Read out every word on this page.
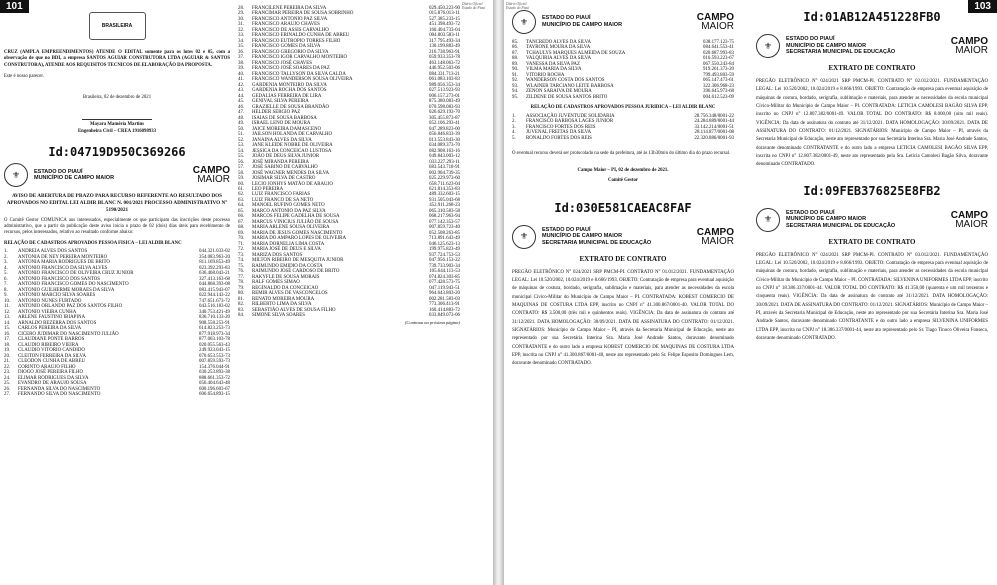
101	Diário Oficial
Estado do Piauí
BRASILEIRA
CRUZ (AMPLA EMPREENDIMENTOS) ATENDE O EDITAL somente para os lotes 02 e 05, com a observação de que no BDI, a empresa SANTOS AGUIAR CONSTRUTORA LTDA (AGUIAR & SANTOS CONSTRUTORA), ATENDE AOS REQUISITOS TECNICOS DE ELABORAÇÃO DA PROPOSTA.
Este é nosso parecer.
Brasileira, 02 de dezembro de 2021
Mayara Mamêria Martins
Engenheira Civil – CREA 1916098933
Id:04719D950C369266
⚜	ESTADO DO PIAUÍ
MUNICÍPIO DE CAMPO MAIOR
CAMPO
MAIOR
AVISO DE ABERTURA DE PRAZO PARA RECURSO REFERENTE AO RESULTADO DOS APROVADOS NO EDITAL LEI ALDIR BLANC N. 001/2021 PROCESSO ADMINISTRATIVO N° 5190/2021
O Comitê Gestor COMUNICA aos interessados, especialmente os que participam das inscrições deste processo administrativo, que a partir da publicação deste aviso inicia o prazo de 02 (dois) dias úteis para recebimento de recursos, pelos interessados, relativo ao resultado conforme abaixo:
RELAÇÃO DE CADASTROS APROVADOS PESSOA FISICA – LEI ALDIR BLANC
1.	ANDREIA ALVES DOS SANTOS	044.321.033-02
2.	ANTONIA DE NEY PEREIRA MONTEIRO	354.083.963-20
3.	ANTONIA MARIA RODRIGUES DE BRITO	811.169.853-49
4.	ANTONIO FRANCISCO DA SILVA ALVES	023.392.293-83
5.	ANTONIO FRANCISCO DE OLIVEIRA CRUZ JUNIOR	636.468.043-21
6.	ANTONIO FRANCISCO DOS SANTOS	327.413.163-68
7.	ANTONIO FRANCISCO GOMES DO NASCIMENTO	044.868.393-08
8.	ANTONIO GUILHERME MORAES DA SILVA	083.415.943-07
9.	ANTONIO MARCIO SILVA SOARES	022.944.143-22
10.	ANTONIO NUNES FURTADO	747.651.673-72
11.	ANTONIO ORLANDO PAZ DOS SANTOS FILHO	043.516.183-02
12.	ANTONIO VIEIRA CUNHA	340.753.421-49
13.	ARLENE FAUSTINO IBIAPINA	836.710.133-20
14.	ARNALDO BEZERRA DOS SANTOS	908.558.253-91
15.	CARLOS PEREIRA DA SILVA	614.823.253-73
16.	CICERO JUDIMAR DO NASCIMENTO JULIÃO	877.918.973-34
17.	CLAUDIANE PONTE BARROS	877.003.103-78
18.	CLAUDIO RIBEIRO VIEIRA	020.055.563-43
19.	CLAUDIO VITORIO CANDIDO	249.923.043-15
20.	CLEITON FERREIRA DA SILVA	070.653.553-73
21.	CLEODON CUNHA DE ABREU	007.859.593-73
22.	CORINTO ARAUJO FILHO	154.376.044-91
23.	DIOGO JOSÉ PEREIRA FILHO	030.253.893-38
24.	ELIMAR RODRIGUES DA SILVA	888.661.353-72
25.	EVANDRO DE ARAUJO SOUSA	056.404.643-48
26.	FERNANDA SILVA DO NASCIMENTO	600.196.603-67
27.	FERNANDO SILVA DO NASCIMENTO	606.654.893-15
28.	FRANCILENE PEREIRA DA SILVA	029.450.223-90
29.	FRANCIMAR PEREIRA DE SOUSA SOBRINHO	015.876.013-11
30.	FRANCISCO ANTONIO PAZ SILVA	527.385.233-15
31.	FRANCISCO ARAUJO CHAVES	451.398.493-72
32.	FRANCISCO DE ASSIS CARVALHO	160.404.733-04
33.	FRANCISCO ERINALDO CUNHA DE ABREU	004.803.583-11
34.	FRANCISCO EUTROPIO TORRES FILHO	317.795.493-34
35.	FRANCISCO GOMES DA SILVA	130.199.883-49
36.	FRANCISCO GREGORIO DA SILVA	216.738.963-91
37.	FRANCISCO IGOR CARVALHO MONTEIRO	059.933.353-78
38.	FRANCISCO JOSÉ CHAVES	463.148.063-72
39.	FRANCISCO JOSÉ SOARES DA PAZ	446.952.503-06
40.	FRANCISCO TALLYSON DA SILVA CALDA	084.331.713-21
41.	FRANCISCO WANDERSON SOUSA OLIVEIRA	061.083.103-83
42.	GARDENIA MONTEIRO DA SILVA	989.056.353-34
43.	GARDENIA ROCHA DOS SANTOS	027.513.923-93
44.	GEDALIAS FERREIRA DE LIRA	006.157.273-01
45.	GENIVAL SILVA PEREIRA	875.380.083-49
46.	GRAZIELLE DE SOUSA BRANDÃO	070.598.083-93
47.	HELDER SERGIO PAZ	026.629.193-70
48.	ISAIAS DE SOUSA BARBOSA	305.455.873-87
49.	ISRAEL LENO DE MOURA	052.106.293-41
50.	JAICE MOREIRA DAMASCENO	047.289.823-00
51.	JAILSON HOLANDA DE CARVALHO	056.846.833-39
52.	JANAINA ALVES DA SILVA	013.553.843-30
53.	JANE KLEIDE NOBRE DE OLIVEIRA	034.089.373-70
54.	JESSICA DA CONCEICAO LUSTOSA	082.908.163-16
55.	JOÃO DE DEUS SILVA JUNIOR	049.843.003-12
56.	JOSÉ MIRANDA PEREIRA	033.227.293-11
57.	JOSÉ SABINO DE CARVALHO	683.543.718-91
58.	JOSÉ WAGNER MENDES DA SILVA	002.904.739-35
59.	JOSIMAR SILVA DE CASTRO	025.229.973-60
60.	LECIO JONHYS MATÃO DE ARAUJO	658.711.623-04
61.	LEO PEREIRA	621.814.353-83
62.	LUIZ FRANCISCO FARIAS	489.332.603-15
63.	LUIZ FRANCO DE SA NETO	931.505.043-68
64.	MANOEL RUFINO GOMES NETO	452.911.268-23
65.	MARCO ANTONIO DA PAZ SILVA	065.310.583-58
66.	MARCOS FELIPE GADELHA DE SOUSA	068.217.963-94
67.	MARCUS VINICIUS JULIÃO DE SOUSA	077.142.353-57
68.	MARIA ARLENE SOUSA OLIVEIRA	007.859.723-40
69.	MARIA DE JESUS GOMES NASCIMENTO	052.508.263-85
70.	MARIA DO AMPARO LOPES DE OLIVEIRA	713.891.643-49
71.	MARIA DORNELIA LIMA COSTA	046.125.623-13
72.	MARIA JOSÉ DE DEUS E SILVA	199.975.823-49
73.	MARIZA DOS SANTOS	937.724.753-53
74.	MILTON RIBEIRO DE MESQUITA JUNIOR	047.956.153-22
75.	RAIMUNDO EMIDIO DA COSTA	739.733.903-34
76.	RAIMUNDO JOSÉ CARDOSO DE BRITO	105.644.113-53
77.	RAKYFLE DE SOUSA MORAIS	074.824.303-85
78.	RALF GOMES SIMAO	077.428.573-75
79.	REGINALDO DA CONCEICAO	047.119.943-51
80.	REMIR ALVES DE VASCONCELOS	964.643.803-20
81.	RENATO MOREIRA MOURA	002.281.583-03
82.	RILBERTO LIMA DA SILVA	773.306.413-91
83.	SEBASTIÃO ALVES DE SOUSA FILHO	160.414.883-72
84.	SIMONE SILVA SOARES	033.849.073-06
(Continua na próxima página)
103
Diário Oficial
Estado do Piauí
⚜	ESTADO DO PIAUÍ
MUNICÍPIO DE CAMPO MAIOR
CAMPO
MAIOR
85.	TANCREDO ALVES DA SILVA	038.177.123-75
86.	TAYRONE MOURA DA SILVA	084.641.553-41
87.	TCHAULYS MARQUES ALMEIDA DE SOUZA	020.687.993-83
88.	VALQUIRIA ALVES DA SILVA	016.593.223-67
89.	VANESSA DA SILVA PAZ	067.550.243-84
90.	VILMA MARIA DA SILVA	919.261.373-20
91.	VITORIO ROCHA	799.493.803-59
92.	WANDERSON COSTA DOS SANTOS	065.147.473-61
93.	WLAINER TARCIANO LEITE BARBOSA	322.306.968-23
94.	ZENON SARAIVA DE MOURA	396.645.973-68
95.	ZILDENE DE SOUSA SANTOS BRITO	004.612.523-09
RELAÇÃO DE CADASTROS APROVADOS PESSOA JURIDICA – LEI ALDIR BLANC
1.	ASSOCIAÇÃO JUVENTUDE SOLIDARIA	28.756.348/0001-22
2.	FRANCISCO BARBOSA LAGES JUNIOR	24.284.889/0001-44
3.	FRANCISCO FORTES DOS REIS	33.142.214/0001-51
4.	JUVENAL FREITAS DA SILVA	28.114.877/0001-08
5.	RONALDO FORTES DOS REIS	22.320.886/0001-93
O eventual recurso deverá ser protocolado na sede da prefeitura, até às 13h30min do último dia do prazo recursal.
Campo Maior – PI, 02 de dezembro de 2021.
Comitê Gestor
Id:030E581CAEAC8FAF
⚜
ESTADO DO PIAUÍ
MUNICÍPIO DE CAMPO MAIOR
SECRETARIA MUNICIPAL DE EDUCAÇÃO
CAMPO
MAIOR
EXTRATO DE CONTRATO
PREGÃO ELETRÔNICO N° 024/2021 SRP PMCM-PI. CONTRATO N° 01.012/2021. FUNDAMENTAÇÃO LEGAL: Lei 10.520/2002, 10.024/2019 e 8.666/1993. OBJETO: Contratação de empresa para eventual aquisição de máquinas de costura, bordado, serigrafia, sublimação e materiais, para atender as necessidades da escola municipal Cívico-Militar do Município de Campo Maior – PI. CONTRATADA: KOBEST COMERCIO DE MAQUINAS DE COSTURA LTDA EPP, inscrito no CNPJ n° 41.300.867/0001-40. VALOR TOTAL DO CONTRATO: R$ 3.500,00 (três mil e quinhentos reais). VIGÊNCIA: Da data de assinatura do contrato até 31/12/2021. DATA HOMOLOGAÇÃO: 30/09/2021. DATA DE ASSINATURA DO CONTRATO: 01/12/2021. SIGNATÁRIOS: Município de Campo Maior – PI, através da Secretaria Municipal de Educação, neste ato representado por sua Secretária Interina Sra. Maria José Andrade Santos, doravante denominado CONTRATANTE e do outro lado a empresa KOBEST COMERCIO DE MAQUINAS DE COSTURA LTDA EPP, inscrita no CNPJ n° 41.300.867/0001-40, neste ato representado pelo Sr. Felipe Esposito Domingues Lem, doravante denominado CONTRATADO.
Id:01AB12A451228FB0
⚜
ESTADO DO PIAUÍ
MUNICÍPIO DE CAMPO MAIOR
SECRETARIA MUNICIPAL DE EDUCAÇÃO
CAMPO
MAIOR
EXTRATO DE CONTRATO
PREGÃO ELETRÔNICO N° 024/2021 SRP PMCM-PI. CONTRATO N° 02.012/2021. FUNDAMENTAÇÃO LEGAL: Lei 10.520/2002, 10.024/2019 e 8.666/1993. OBJETO: Contratação de empresa para eventual aquisição de máquinas de costura, bordado, serigrafia, sublimação e materiais, para atender as necessidades da escola municipal Cívico-Militar do Município de Campo Maior – PI. CONTRATADA: LETICIA CAMOLESI BAGÃO SILVA EPP, inscrito no CNPJ n° 12.807.382/0001-49. VALOR TOTAL DO CONTRATO: R$ 8.000,00 (oito mil reais). VIGÊNCIA: Da data de assinatura do contrato até 31/12/2021. DATA HOMOLOGAÇÃO: 30/09/2021. DATA DE ASSINATURA DO CONTRATO: 01/12/2021. SIGNATÁRIOS: Município de Campo Maior – PI, através da Secretaria Municipal de Educação, neste ato representado por sua Secretária Interina Sra. Maria José Andrade Santos, doravante denominado CONTRATANTE e do outro lado a empresa LETICIA CAMOLESI BAGÃO SILVA EPP, inscrita no CNPJ n° 12.807.382/0001-49, neste ato representado pela Sra. Letícia Camolesi Bagão Silva, doravante denominado CONTRATADO.
Id:09FEB376825E8FB2
⚜
ESTADO DO PIAUÍ
MUNICÍPIO DE CAMPO MAIOR
SECRETARIA MUNICIPAL DE EDUCAÇÃO
CAMPO
MAIOR
EXTRATO DE CONTRATO
PREGÃO ELETRÔNICO N° 024/2021 SRP PMCM-PI. CONTRATO N° 03.012/2021. FUNDAMENTAÇÃO LEGAL: Lei 10.520/2002, 10.024/2019 e 8.666/1993. OBJETO: Contratação de empresa para eventual aquisição de máquinas de costura, bordado, serigrafia, sublimação e materiais, para atender as necessidades da escola municipal Cívico-Militar do Município de Campo Maior – PI. CONTRATADA: SILVENINA UNIFORMES LTDA EPP, inscrito no CNPJ n° 18.386.337/0001-44. VALOR TOTAL DO CONTRATO: R$ 41.350,00 (quarenta e um mil trezentos e cinquenta reais). VIGÊNCIA: Da data de assinatura do contrato até 31/12/2021. DATA HOMOLOGAÇÃO: 30/09/2021. DATA DE ASSINATURA DO CONTRATO: 01/12/2021. SIGNATÁRIOS: Município de Campo Maior – PI, através da Secretaria Municipal de Educação, neste ato representado por sua Secretária Interina Sra. Maria José Andrade Santos, doravante denominado CONTRATANTE e do outro lado a empresa SILVENINA UNIFORMES LTDA EPP, inscrita no CNPJ n° 18.386.337/0001-44, neste ato representado pelo Sr. Tiago Tinoco Oliveira Fonseca, doravante denominado CONTRATADO.
